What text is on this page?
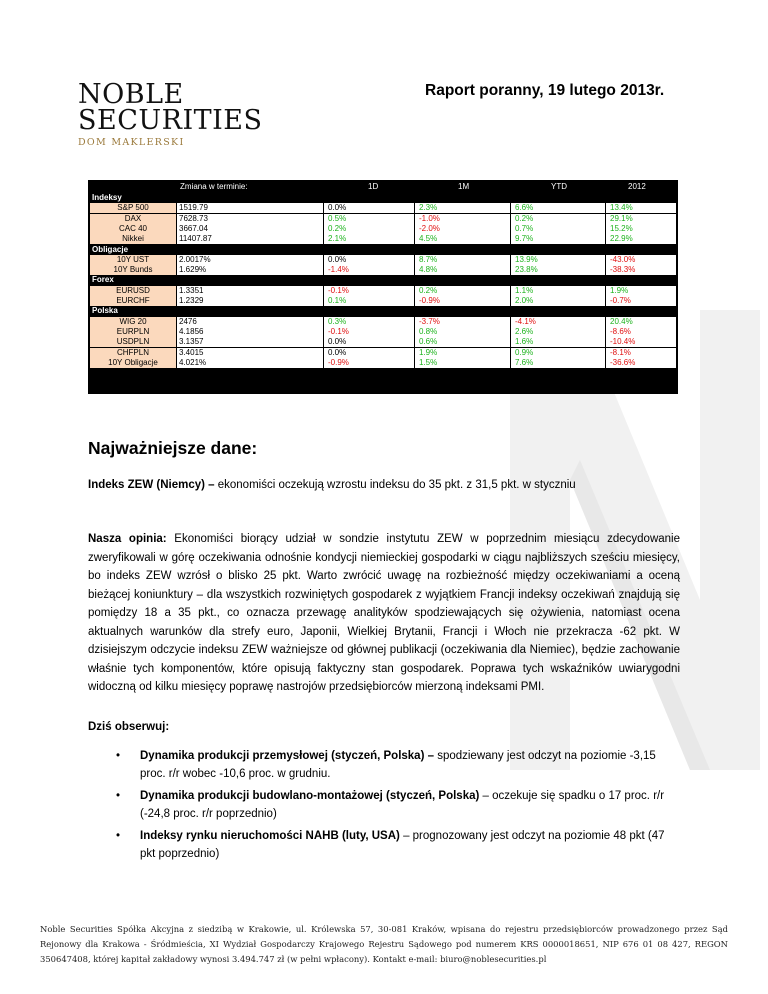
NOBLE
SECURITIES
DOM MAKLERSKI
Raport poranny, 19 lutego 2013r.
Zmiana w terminie:	1D	1M	YTD	2012
Indeksy
S&P 500	1519.79	0.0%	2.3%	6.6%	13.4%
DAX	7628.73	0.5%	-1.0%	0.2%	29.1%
CAC 40	3667.04	0.2%	-2.0%	0.7%	15.2%
Nikkei	11407.87	2.1%	4.5%	9.7%	22.9%
Obligacje
10Y UST	2.0017%	0.0%	8.7%	13.9%	-43.0%
10Y Bunds	1.629%	-1.4%	4.8%	23.8%	-38.3%
Forex
EURUSD	1.3351	-0.1%	0.2%	1.1%	1.9%
EURCHF	1.2329	0.1%	-0.9%	2.0%	-0.7%
Polska
WIG 20	2476	0.3%	-3.7%	-4.1%	20.4%
EURPLN	4.1856	-0.1%	0.8%	2.6%	-8.6%
USDPLN	3.1357	0.0%	0.6%	1.6%	-10.4%
CHFPLN	3.4015	0.0%	1.9%	0.9%	-8.1%
10Y Obligacje	4.021%	-0.9%	1.5%	7.6%	-36.6%
Najważniejsze dane:
Indeks ZEW (Niemcy) – ekonomiści oczekują wzrostu indeksu do 35 pkt. z 31,5 pkt. w styczniu
Nasza opinia: Ekonomiści biorący udział w sondzie instytutu ZEW w poprzednim miesiącu zdecydowanie zweryfikowali w górę oczekiwania odnośnie kondycji niemieckiej gospodarki w ciągu najbliższych sześciu miesięcy, bo indeks ZEW wzrósł o blisko 25 pkt. Warto zwrócić uwagę na rozbieżność między oczekiwaniami a oceną bieżącej koniunktury – dla wszystkich rozwiniętych gospodarek z wyjątkiem Francji indeksy oczekiwań znajdują się pomiędzy 18 a 35 pkt., co oznacza przewagę analityków spodziewających się ożywienia, natomiast ocena aktualnych warunków dla strefy euro, Japonii, Wielkiej Brytanii, Francji i Włoch nie przekracza -62 pkt. W dzisiejszym odczycie indeksu ZEW ważniejsze od głównej publikacji (oczekiwania dla Niemiec), będzie zachowanie właśnie tych komponentów, które opisują faktyczny stan gospodarek. Poprawa tych wskaźników uwiarygodni widoczną od kilku miesięcy poprawę nastrojów przedsiębiorców mierzoną indeksami PMI.
Dziś obserwuj:
• Dynamika produkcji przemysłowej (styczeń, Polska) – spodziewany jest odczyt na poziomie -3,15 proc. r/r wobec -10,6 proc. w grudniu.
• Dynamika produkcji budowlano-montażowej (styczeń, Polska) – oczekuje się spadku o 17 proc. r/r (-24,8 proc. r/r poprzednio)
• Indeksy rynku nieruchomości NAHB (luty, USA) – prognozowany jest odczyt na poziomie 48 pkt (47 pkt poprzednio)
Noble Securities Spółka Akcyjna z siedzibą w Krakowie, ul. Królewska 57, 30-081 Kraków, wpisana do rejestru przedsiębiorców prowadzonego przez Sąd Rejonowy dla Krakowa - Śródmieścia, XI Wydział Gospodarczy Krajowego Rejestru Sądowego pod numerem KRS 0000018651, NIP 676 01 08 427, REGON 350647408, której kapitał zakładowy wynosi 3.494.747 zł (w pełni wpłacony). Kontakt e-mail: biuro@noblesecurities.pl
